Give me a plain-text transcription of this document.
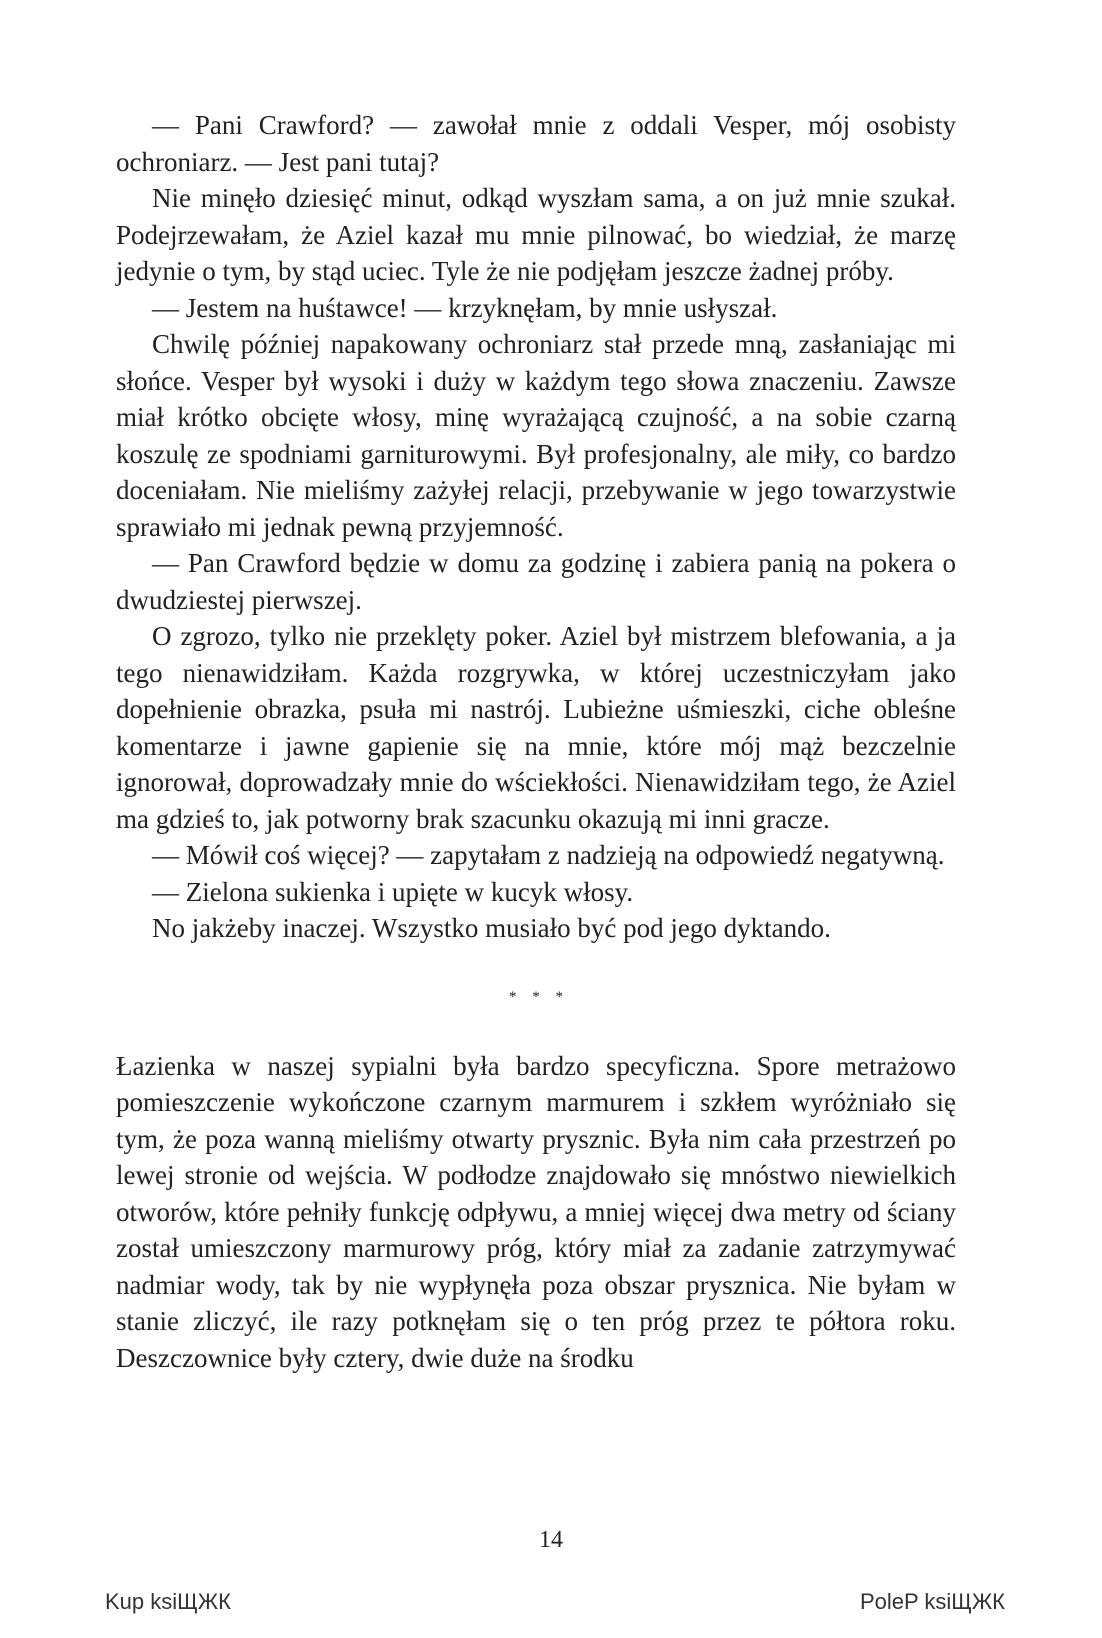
— Pani Crawford? — zawołał mnie z oddali Vesper, mój osobisty ochroniarz. — Jest pani tutaj?

Nie minęło dziesięć minut, odkąd wyszłam sama, a on już mnie szukał. Podejrzewałam, że Aziel kazał mu mnie pilnować, bo wiedział, że marzę jedynie o tym, by stąd uciec. Tyle że nie podjęłam jeszcze żadnej próby.

— Jestem na huśtawce! — krzyknęłam, by mnie usłyszał.

Chwilę później napakowany ochroniarz stał przede mną, zasłaniając mi słońce. Vesper był wysoki i duży w każdym tego słowa znaczeniu. Zawsze miał krótko obcięte włosy, minę wyrażającą czujność, a na sobie czarną koszulę ze spodniami garniturowymi. Był profesjonalny, ale miły, co bardzo doceniałam. Nie mieliśmy zażyłej relacji, przebywanie w jego towarzystwie sprawiało mi jednak pewną przyjemność.

— Pan Crawford będzie w domu za godzinę i zabiera panią na pokera o dwudziestej pierwszej.

O zgrozo, tylko nie przeklęty poker. Aziel był mistrzem blefowania, a ja tego nienawidziłam. Każda rozgrywka, w której uczestniczyłam jako dopełnienie obrazka, psuła mi nastrój. Lubieżne uśmieszki, ciche obleśne komentarze i jawne gapienie się na mnie, które mój mąż bezczelnie ignorował, doprowadzały mnie do wściekłości. Nienawidziłam tego, że Aziel ma gdzieś to, jak potworny brak szacunku okazują mi inni gracze.

— Mówił coś więcej? — zapytałam z nadzieją na odpowiedź negatywną.

— Zielona sukienka i upięte w kucyk włosy.

No jakżeby inaczej. Wszystko musiało być pod jego dyktando.

* * *

Łazienka w naszej sypialni była bardzo specyficzna. Spore metrażowo pomieszczenie wykończone czarnym marmurem i szkłem wyróżniało się tym, że poza wanną mieliśmy otwarty prysznic. Była nim cała przestrzeń po lewej stronie od wejścia. W podłodze znajdowało się mnóstwo niewielkich otworów, które pełniły funkcję odpływu, a mniej więcej dwa metry od ściany został umieszczony marmurowy próg, który miał za zadanie zatrzymywać nadmiar wody, tak by nie wypłynęła poza obszar prysznica. Nie byłam w stanie zliczyć, ile razy potknęłam się o ten próg przez te półtora roku. Deszczownice były cztery, dwie duże na środku

14
Kup ksiЩЖК	PoleP ksiЩЖК
